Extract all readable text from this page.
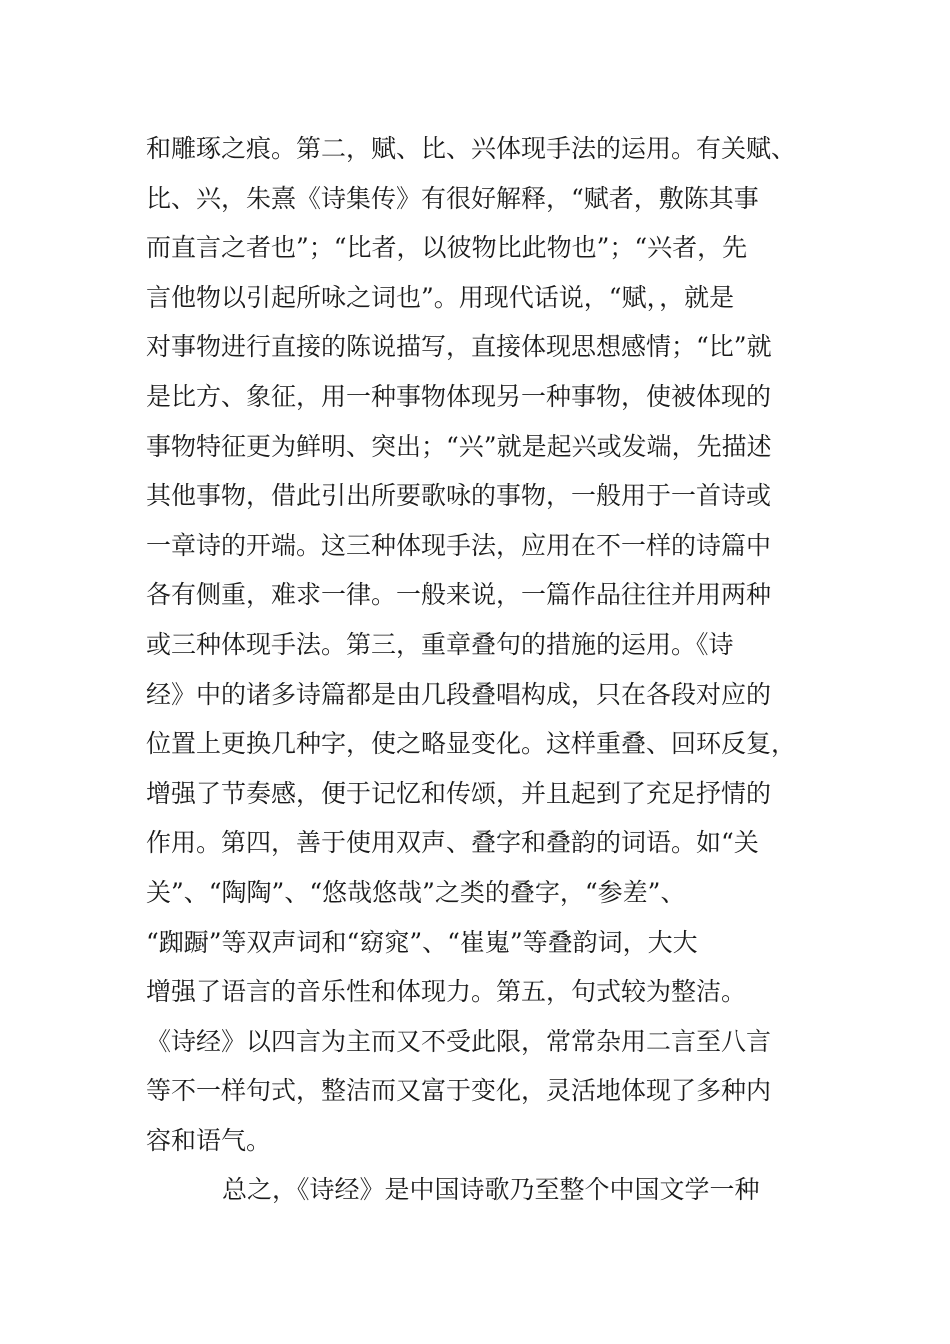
和雕琢之痕。第二，赋、比、兴体现手法的运用。有关赋、
比、兴，朱熹《诗集传》有很好解释，“赋者，敷陈其事
而直言之者也”；“比者，以彼物比此物也”；“兴者，先
言他物以引起所咏之词也”。用现代话说，“赋，，就是
对事物进行直接的陈说描写，直接体现思想感情；“比”就
是比方、象征，用一种事物体现另一种事物，使被体现的
事物特征更为鲜明、突出；“兴”就是起兴或发端，先描述
其他事物，借此引出所要歌咏的事物，一般用于一首诗或
一章诗的开端。这三种体现手法，应用在不一样的诗篇中
各有侧重，难求一律。一般来说，一篇作品往往并用两种
或三种体现手法。第三，重章叠句的措施的运用。《诗
经》中的诸多诗篇都是由几段叠唱构成，只在各段对应的
位置上更换几种字，使之略显变化。这样重叠、回环反复，
增强了节奏感，便于记忆和传颂，并且起到了充足抒情的
作用。第四，善于使用双声、叠字和叠韵的词语。如“关
关”、“陶陶”、“悠哉悠哉”之类的叠字，“参差”、
“踟蹰”等双声词和“窈窕”、“崔嵬”等叠韵词，大大
增强了语言的音乐性和体现力。第五，句式较为整洁。
《诗经》以四言为主而又不受此限，常常杂用二言至八言
等不一样句式，整洁而又富于变化，灵活地体现了多种内
容和语气。
总之，《诗经》是中国诗歌乃至整个中国文学一种
